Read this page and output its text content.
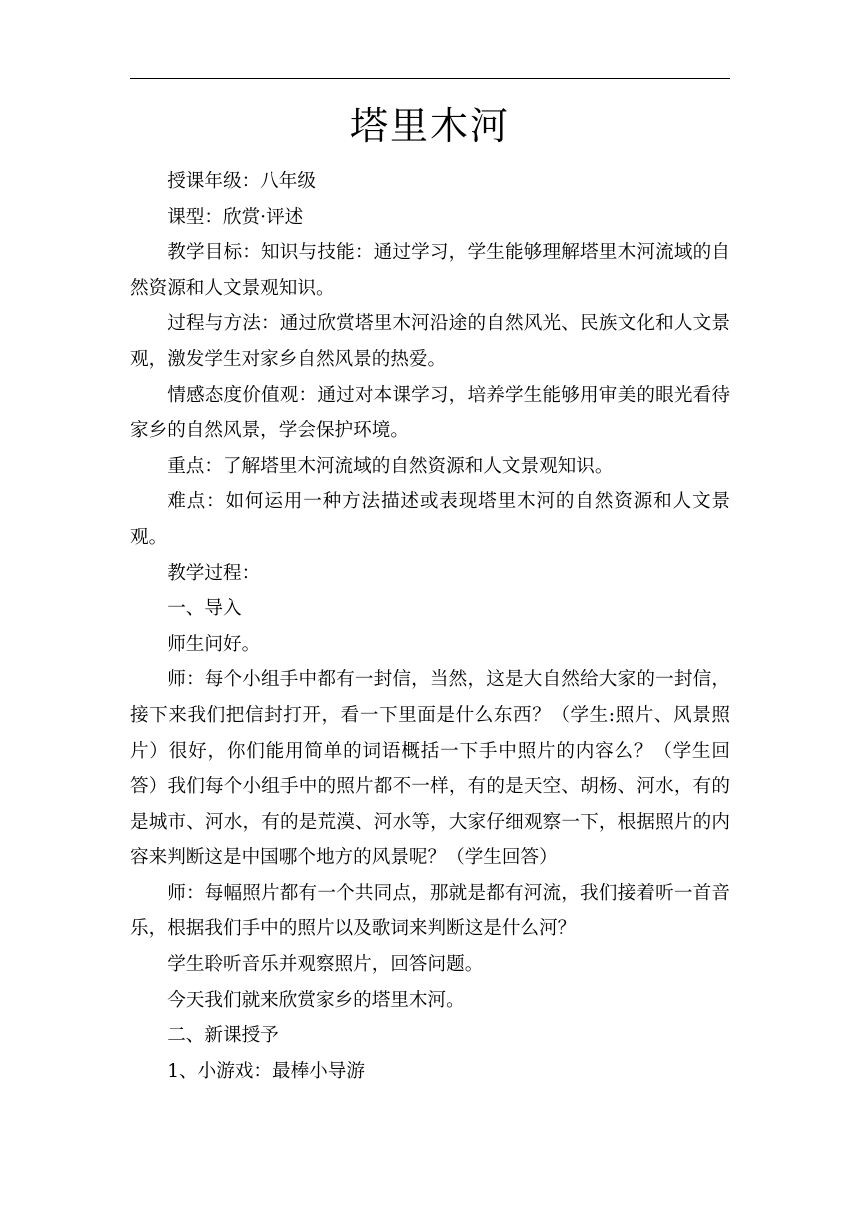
塔里木河

授课年级：八年级

课型：欣赏·评述

教学目标：知识与技能：通过学习，学生能够理解塔里木河流域的自然资源和人文景观知识。

过程与方法：通过欣赏塔里木河沿途的自然风光、民族文化和人文景观，激发学生对家乡自然风景的热爱。

情感态度价值观：通过对本课学习，培养学生能够用审美的眼光看待家乡的自然风景，学会保护环境。

重点：了解塔里木河流域的自然资源和人文景观知识。

难点：如何运用一种方法描述或表现塔里木河的自然资源和人文景观。

教学过程：

一、导入

师生问好。

师：每个小组手中都有一封信，当然，这是大自然给大家的一封信，接下来我们把信封打开，看一下里面是什么东西？（学生:照片、风景照片）很好，你们能用简单的词语概括一下手中照片的内容么？（学生回答）我们每个小组手中的照片都不一样，有的是天空、胡杨、河水，有的是城市、河水，有的是荒漠、河水等，大家仔细观察一下，根据照片的内容来判断这是中国哪个地方的风景呢？（学生回答）

师：每幅照片都有一个共同点，那就是都有河流，我们接着听一首音乐，根据我们手中的照片以及歌词来判断这是什么河？

学生聆听音乐并观察照片，回答问题。

今天我们就来欣赏家乡的塔里木河。

二、新课授予

1、小游戏：最棒小导游
